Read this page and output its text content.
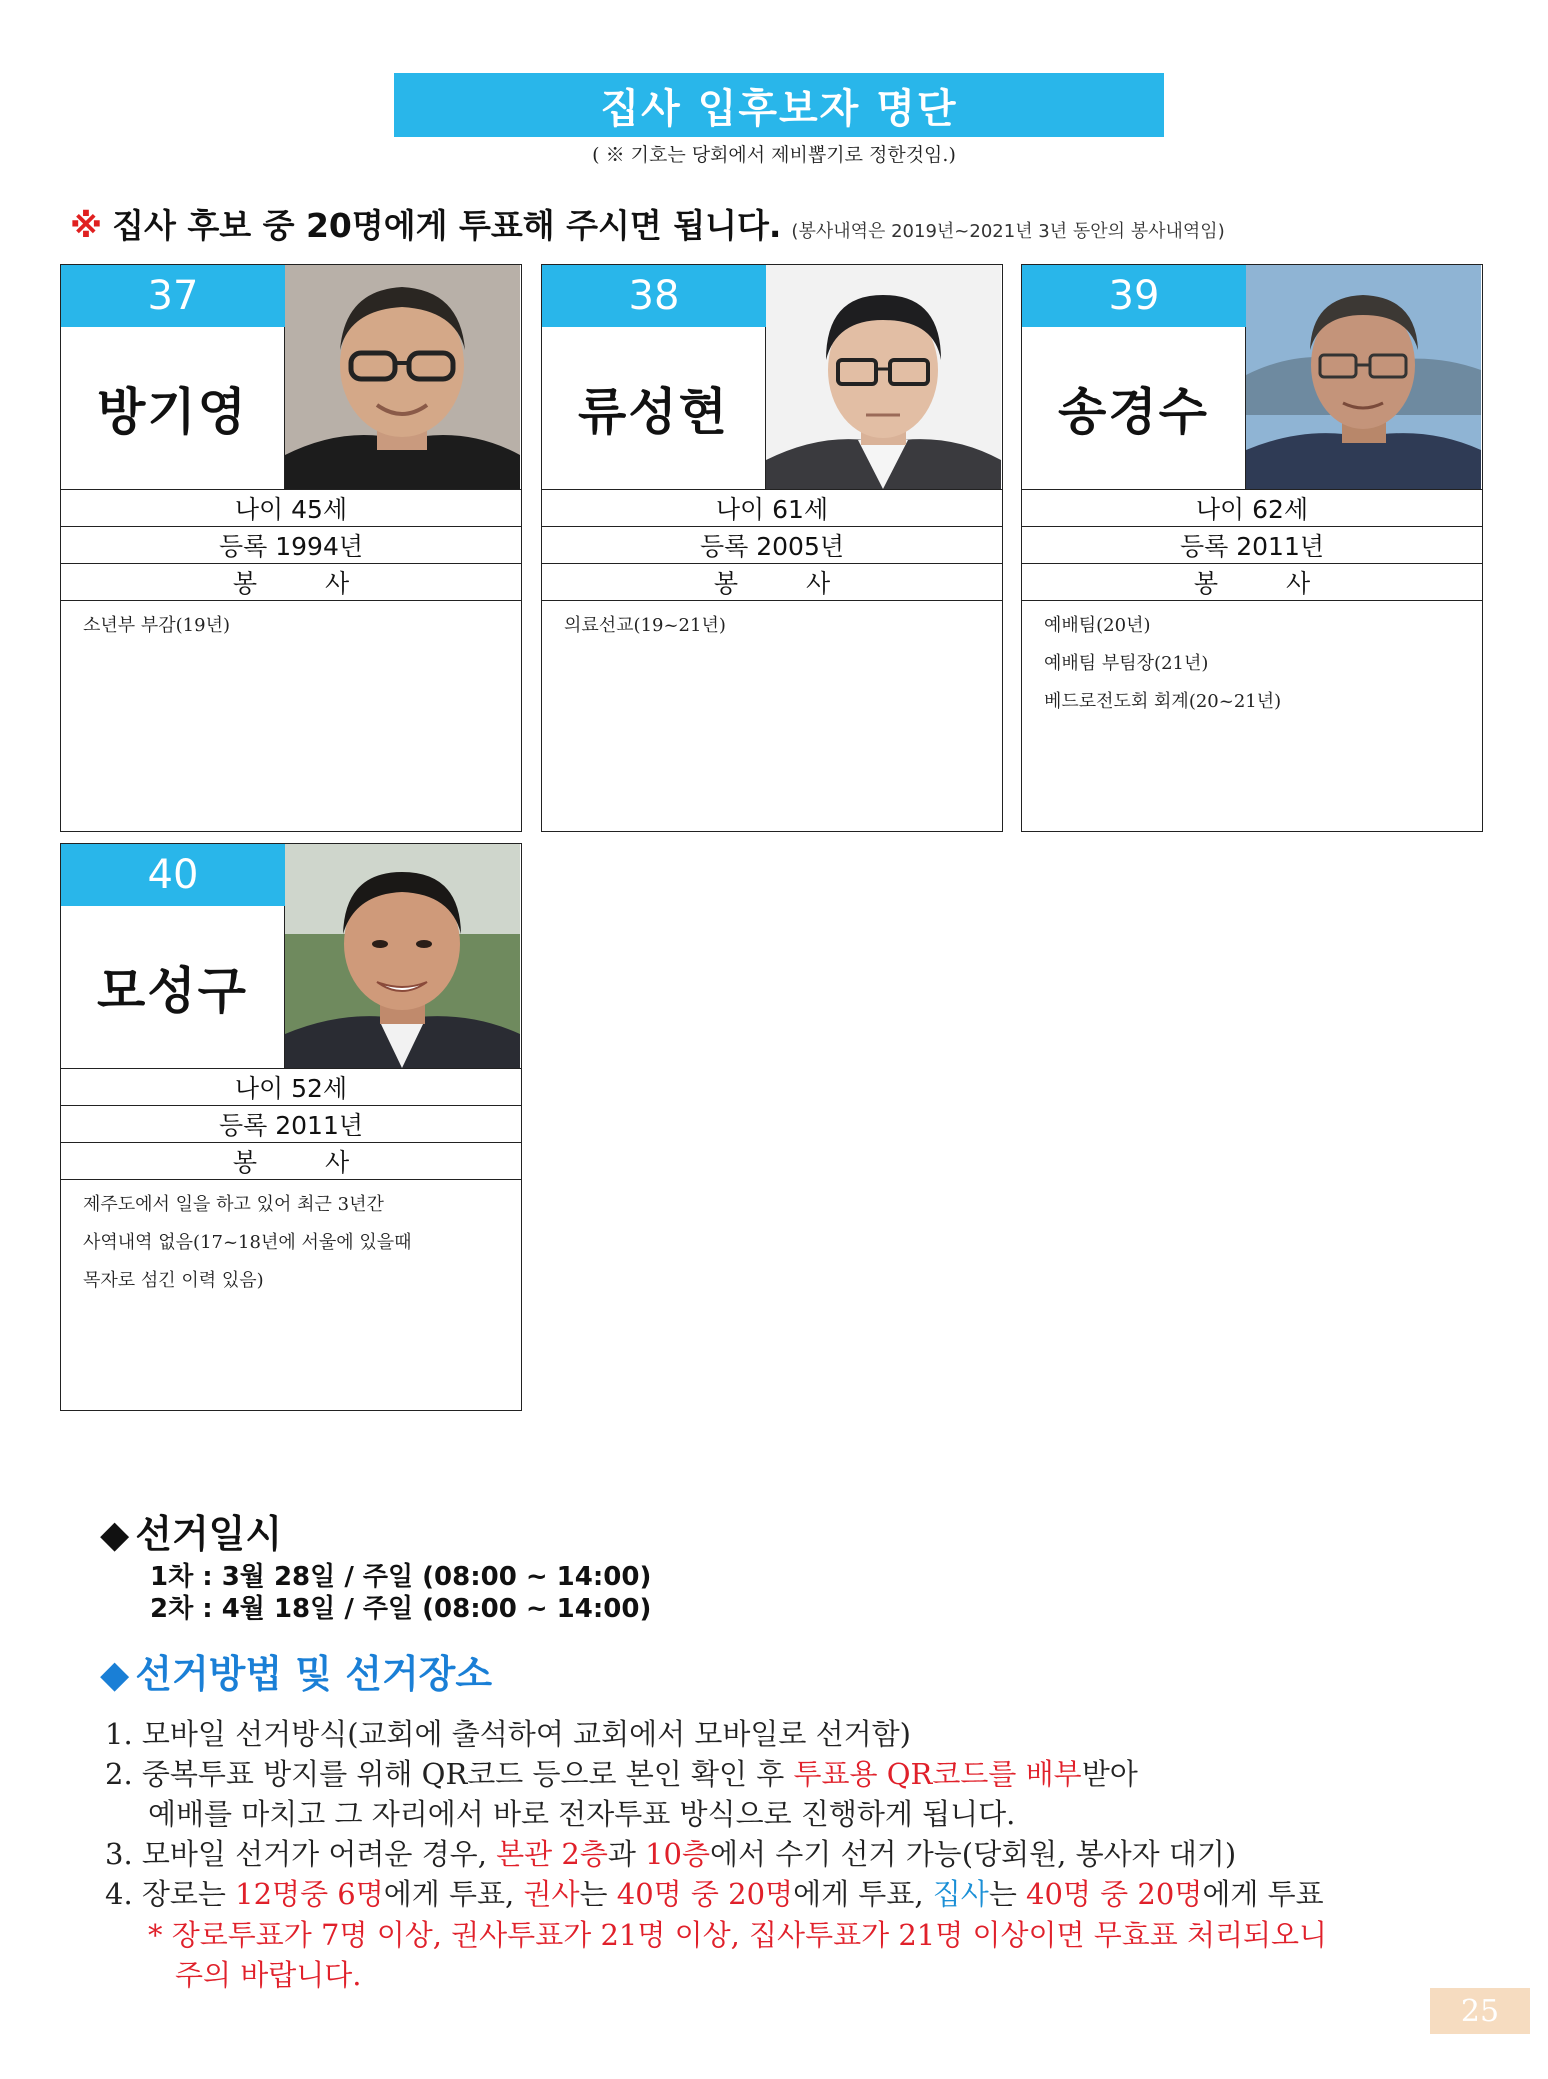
집사 입후보자 명단
( ※ 기호는 당회에서 제비뽑기로 정한것임.)
※ 집사 후보 중 20명에게 투표해 주시면 됩니다. (봉사내역은 2019년~2021년 3년 동안의 봉사내역임)
37
방기영
나이 45세
등록 1994년
봉 사
소년부 부감(19년)
38
류성현
나이 61세
등록 2005년
봉 사
의료선교(19~21년)
39
송경수
나이 62세
등록 2011년
봉 사
예배팀(20년)
예배팀 부팀장(21년)
베드로전도회 회계(20~21년)
40
모성구
나이 52세
등록 2011년
봉 사
제주도에서 일을 하고 있어 최근 3년간
사역내역 없음(17~18년에 서울에 있을때
목자로 섬긴 이력 있음)
◆ 선거일시
1차 : 3월 28일 / 주일 (08:00 ~ 14:00)
2차 : 4월 18일 / 주일 (08:00 ~ 14:00)
◆ 선거방법 및 선거장소
1. 모바일 선거방식(교회에 출석하여 교회에서 모바일로 선거함)
2. 중복투표 방지를 위해 QR코드 등으로 본인 확인 후 투표용 QR코드를 배부받아
예배를 마치고 그 자리에서 바로 전자투표 방식으로 진행하게 됩니다.
3. 모바일 선거가 어려운 경우, 본관 2층과 10층에서 수기 선거 가능(당회원, 봉사자 대기)
4. 장로는 12명중 6명에게 투표, 권사는 40명 중 20명에게 투표, 집사는 40명 중 20명에게 투표
* 장로투표가 7명 이상, 권사투표가 21명 이상, 집사투표가 21명 이상이면 무효표 처리되오니
주의 바랍니다.
25
